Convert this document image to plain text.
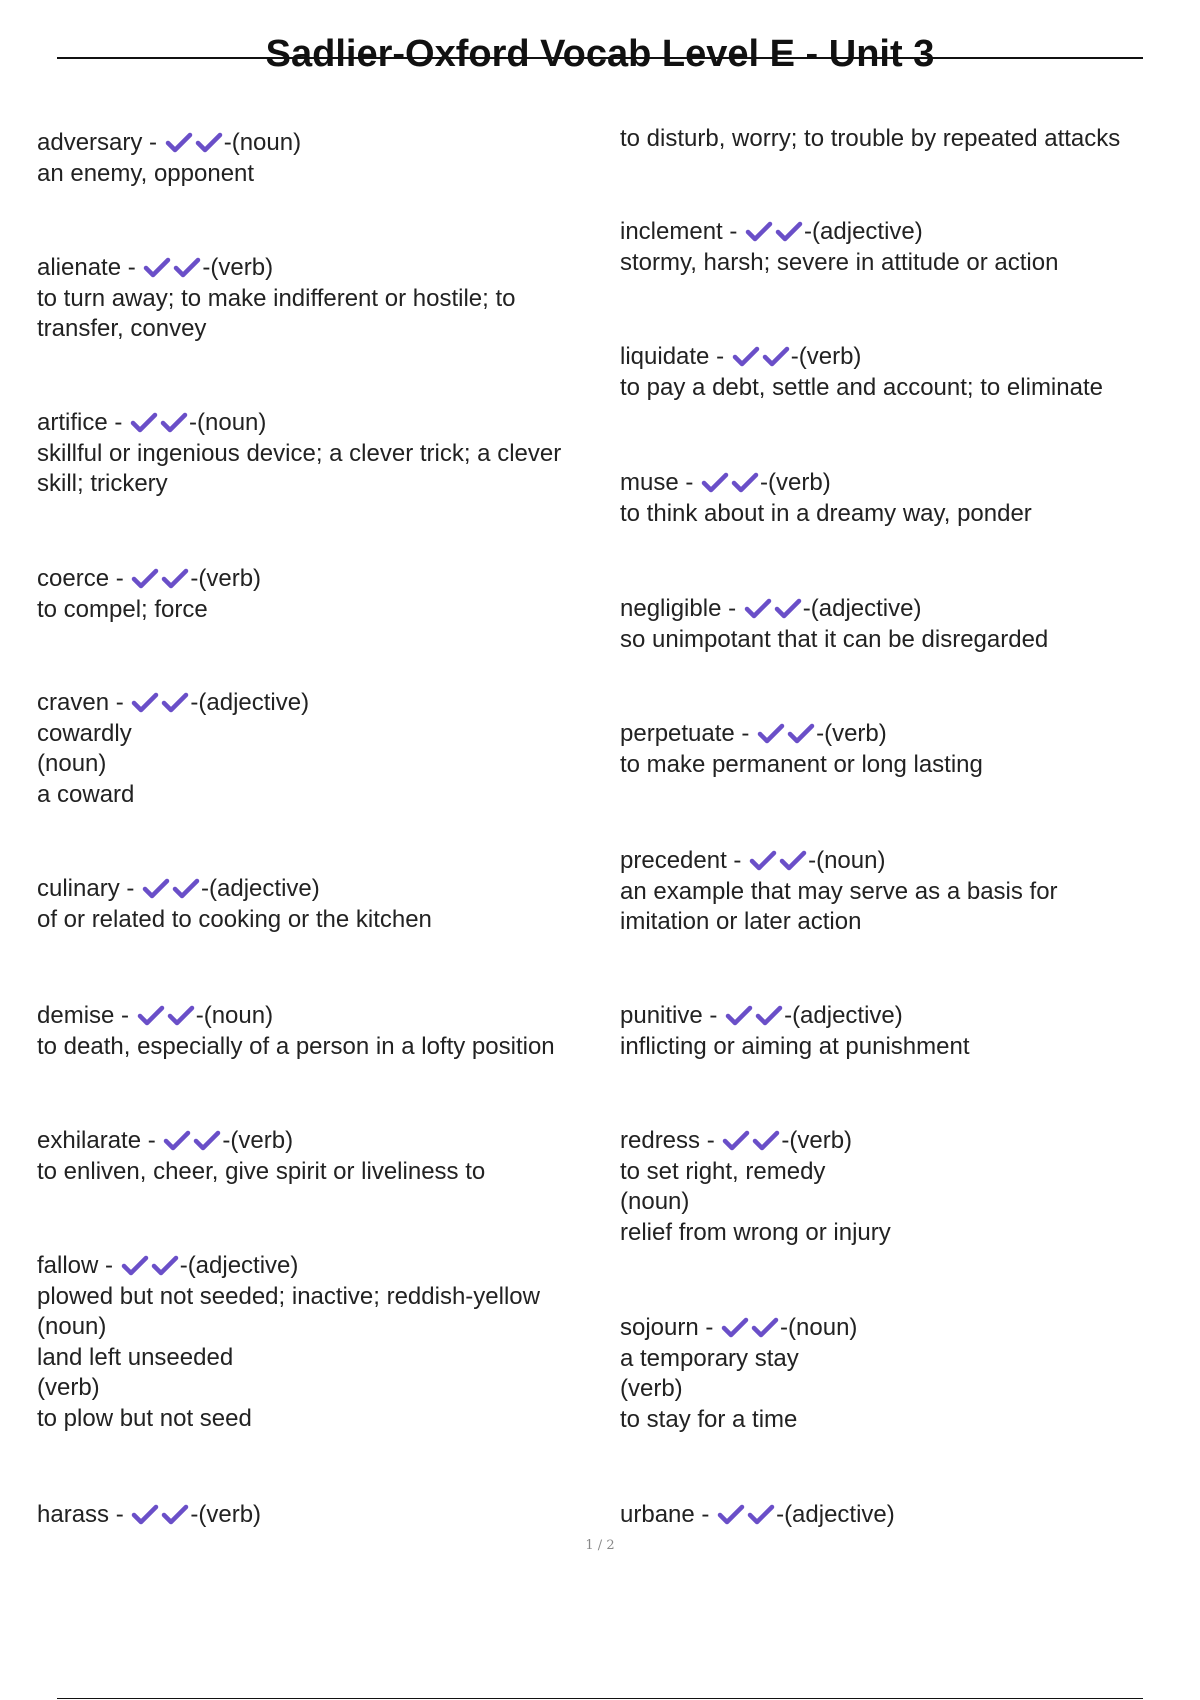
Sadlier-Oxford Vocab Level E - Unit 3
adversary -	-(noun)
an enemy, opponent
alienate -	-(verb)
to turn away; to make indifferent or hostile; to
transfer, convey
artifice -	-(noun)
skillful or ingenious device; a clever trick; a clever
skill; trickery
coerce -	-(verb)
to compel; force
craven -	-(adjective)
cowardly
(noun)
a coward
culinary -	-(adjective)
of or related to cooking or the kitchen
demise -	-(noun)
to death, especially of a person in a lofty position
exhilarate -	-(verb)
to enliven, cheer, give spirit or liveliness to
fallow -	-(adjective)
plowed but not seeded; inactive; reddish-yellow
(noun)
land left unseeded
(verb)
to plow but not seed
harass -	-(verb)
to disturb, worry; to trouble by repeated attacks
inclement -	-(adjective)
stormy, harsh; severe in attitude or action
liquidate -	-(verb)
to pay a debt, settle and account; to eliminate
muse -	-(verb)
to think about in a dreamy way, ponder
negligible -	-(adjective)
so unimpotant that it can be disregarded
perpetuate -	-(verb)
to make permanent or long lasting
precedent -	-(noun)
an example that may serve as a basis for
imitation or later action
punitive -	-(adjective)
inflicting or aiming at punishment
redress -	-(verb)
to set right, remedy
(noun)
relief from wrong or injury
sojourn -	-(noun)
a temporary stay
(verb)
to stay for a time
urbane -	-(adjective)
1 / 2
